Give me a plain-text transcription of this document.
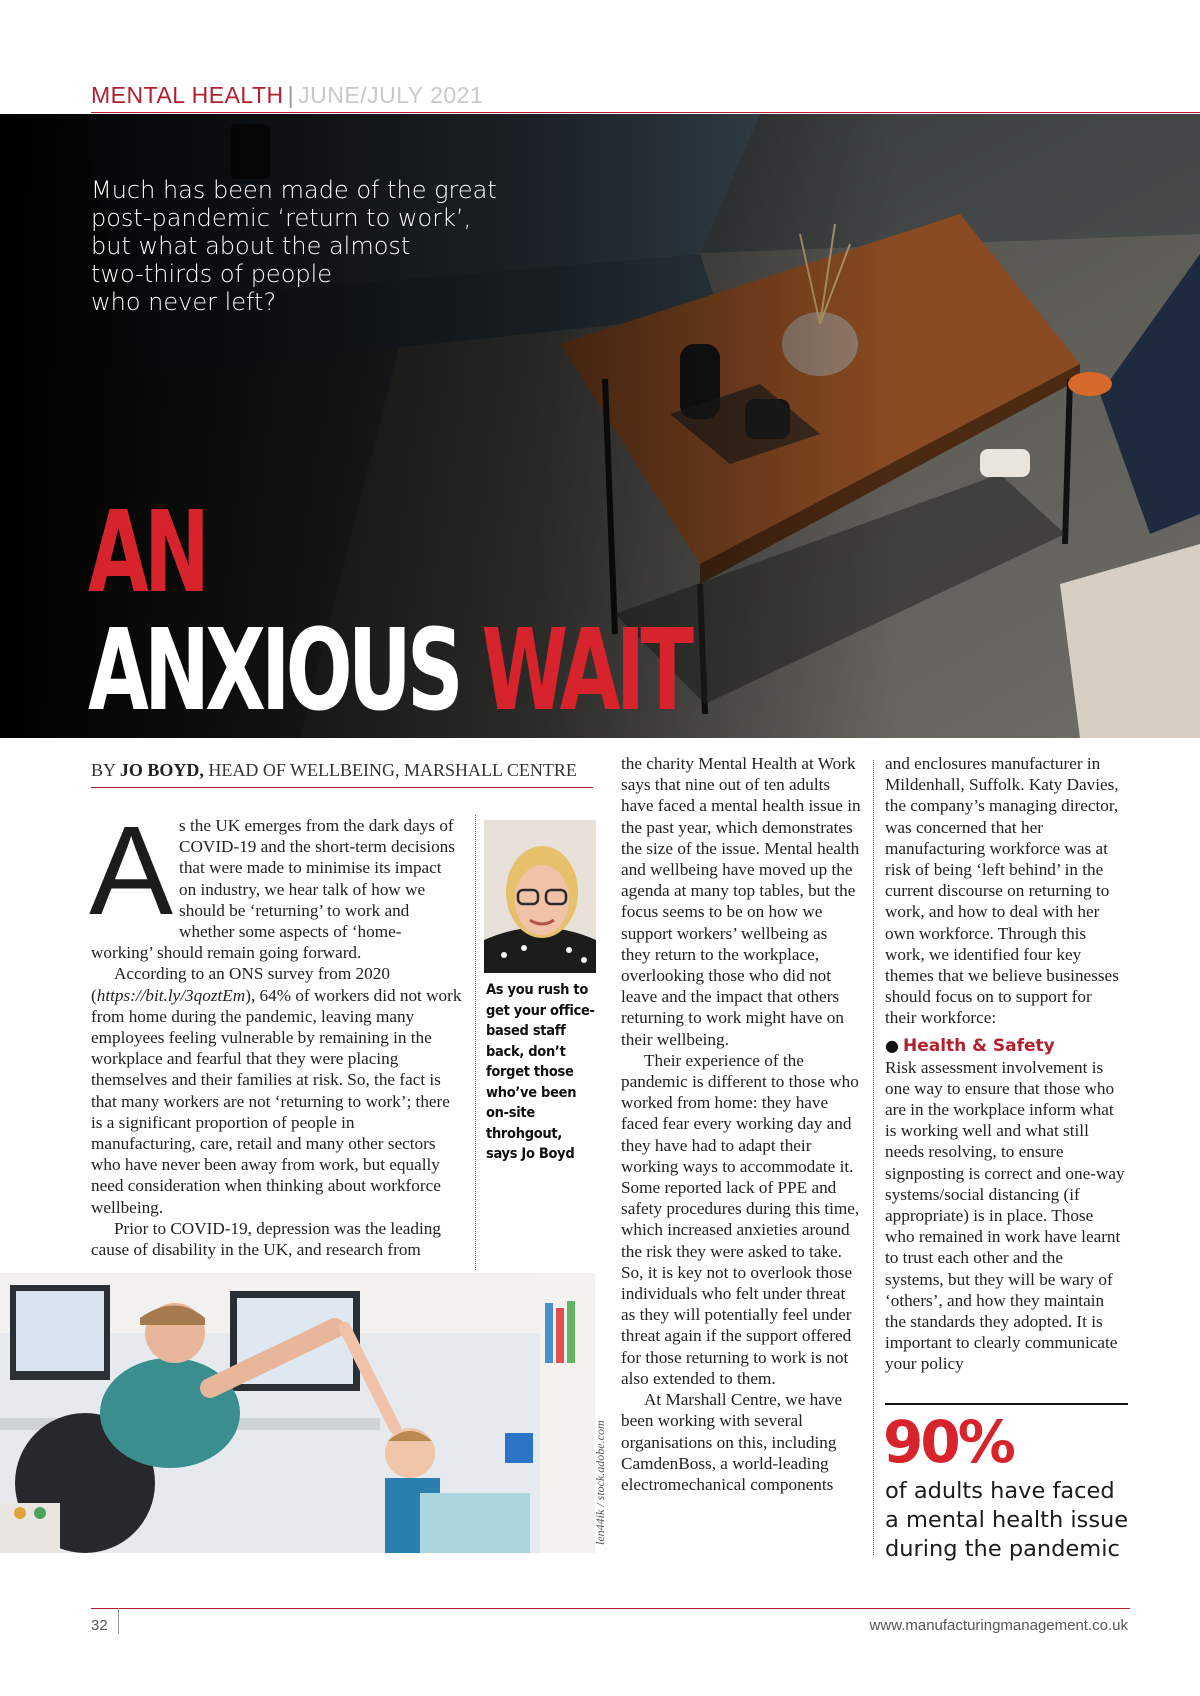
MENTAL HEALTH | JUNE/JULY 2021
Much has been made of the great
post-pandemic ‘return to work’,
but what about the almost
two-thirds of people
who never left?
AN
ANXIOUS WAIT
BY JO BOYD, HEAD OF WELLBEING, MARSHALL CENTRE

As the UK emerges from the dark days of COVID-19 and the short-term decisions that were made to minimise its impact on industry, we hear talk of how we should be ‘returning’ to work and whether some aspects of ‘home-working’ should remain going forward.

According to an ONS survey from 2020 (https://bit.ly/3qoztEm), 64% of workers did not work from home during the pandemic, leaving many employees feeling vulnerable by remaining in the workplace and fearful that they were placing themselves and their families at risk. So, the fact is that many workers are not ‘returning to work’; there is a significant proportion of people in manufacturing, care, retail and many other sectors who have never been away from work, but equally need consideration when thinking about workforce wellbeing.

Prior to COVID-19, depression was the leading cause of disability in the UK, and research from

As you rush to get your office-based staff back, don’t forget those who’ve been on-site throhgout, says Jo Boyd
len44ik / stock.adobe.com

the charity Mental Health at Work says that nine out of ten adults have faced a mental health issue in the past year, which demonstrates the size of the issue. Mental health and wellbeing have moved up the agenda at many top tables, but the focus seems to be on how we support workers’ wellbeing as they return to the workplace, overlooking those who did not leave and the impact that others returning to work might have on their wellbeing.

Their experience of the pandemic is different to those who worked from home: they have faced fear every working day and they have had to adapt their working ways to accommodate it. Some reported lack of PPE and safety procedures during this time, which increased anxieties around the risk they were asked to take. So, it is key not to overlook those individuals who felt under threat as they will potentially feel under threat again if the support offered for those returning to work is not also extended to them.

At Marshall Centre, we have been working with several organisations on this, including CamdenBoss, a world-leading electromechanical components

and enclosures manufacturer in Mildenhall, Suffolk. Katy Davies, the company’s managing director, was concerned that her manufacturing workforce was at risk of being ‘left behind’ in the current discourse on returning to work, and how to deal with her own workforce. Through this work, we identified four key themes that we believe businesses should focus on to support for their workforce:

● Health & Safety

Risk assessment involvement is one way to ensure that those who are in the workplace inform what is working well and what still needs resolving, to ensure signposting is correct and one-way systems/social distancing (if appropriate) is in place. Those who remained in work have learnt to trust each other and the systems, but they will be wary of ‘others’, and how they maintain the standards they adopted. It is important to clearly communicate your policy

90%
of adults have faced a mental health issue during the pandemic
32	www.manufacturingmanagement.co.uk
